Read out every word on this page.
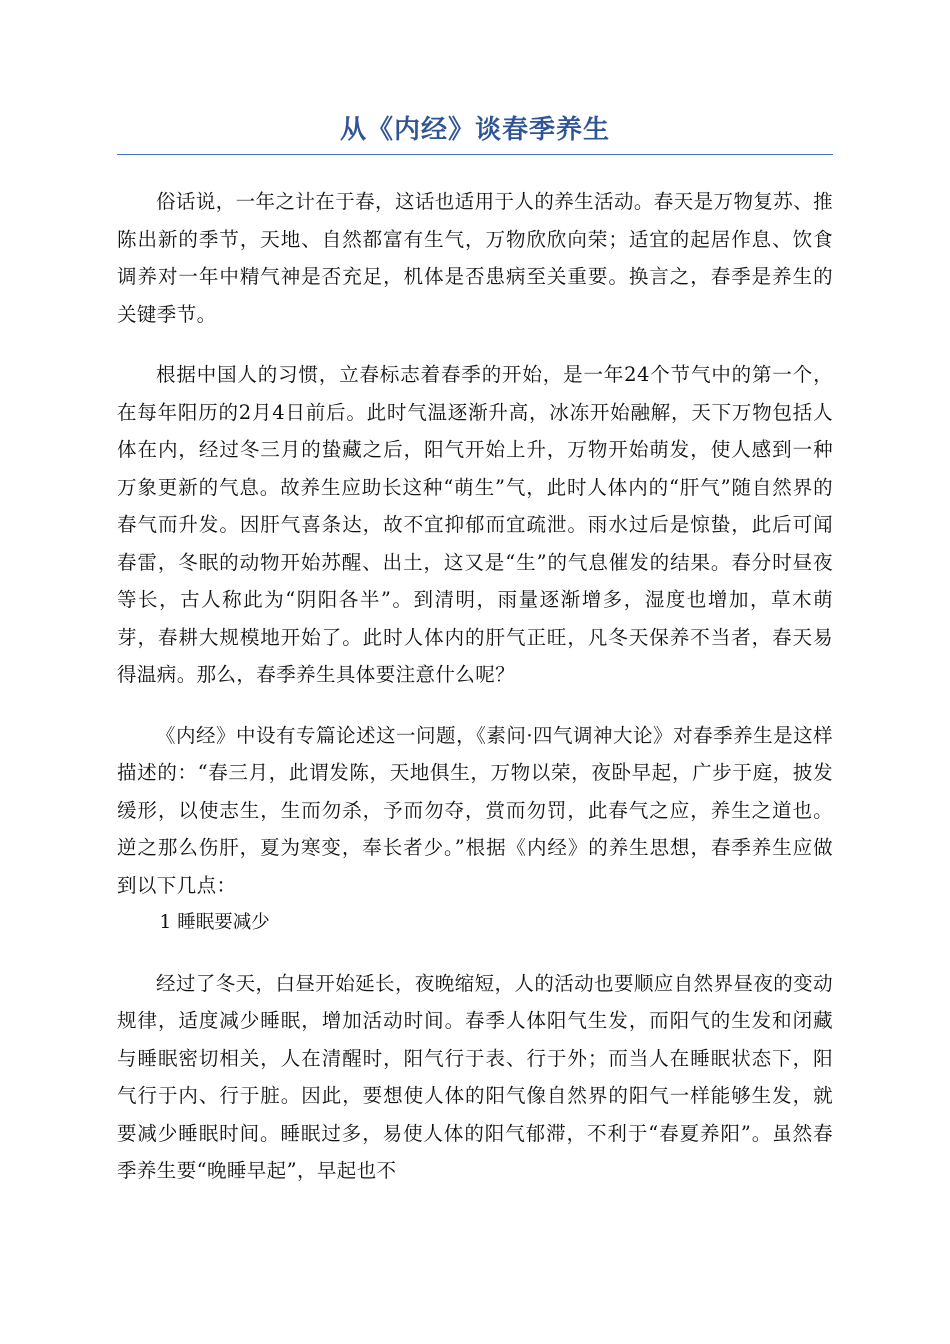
从《内经》谈春季养生

俗话说，一年之计在于春，这话也适用于人的养生活动。春天是万物复苏、推陈出新的季节，天地、自然都富有生气，万物欣欣向荣；适宜的起居作息、饮食调养对一年中精气神是否充足，机体是否患病至关重要。换言之，春季是养生的关键季节。

根据中国人的习惯，立春标志着春季的开始，是一年24个节气中的第一个，在每年阳历的2月4日前后。此时气温逐渐升高，冰冻开始融解，天下万物包括人体在内，经过冬三月的蛰藏之后，阳气开始上升，万物开始萌发，使人感到一种万象更新的气息。故养生应助长这种“萌生”气，此时人体内的“肝气”随自然界的春气而升发。因肝气喜条达，故不宜抑郁而宜疏泄。雨水过后是惊蛰，此后可闻春雷，冬眠的动物开始苏醒、出土，这又是“生”的气息催发的结果。春分时昼夜等长，古人称此为“阴阳各半”。到清明，雨量逐渐增多，湿度也增加，草木萌芽，春耕大规模地开始了。此时人体内的肝气正旺，凡冬天保养不当者，春天易得温病。那么，春季养生具体要注意什么呢？

《内经》中设有专篇论述这一问题，《素问·四气调神大论》对春季养生是这样描述的：“春三月，此谓发陈，天地俱生，万物以荣，夜卧早起，广步于庭，披发缓形，以使志生，生而勿杀，予而勿夺，赏而勿罚，此春气之应，养生之道也。逆之那么伤肝，夏为寒变，奉长者少。”根据《内经》的养生思想，春季养生应做到以下几点：

1 睡眠要减少

经过了冬天，白昼开始延长，夜晚缩短，人的活动也要顺应自然界昼夜的变动规律，适度减少睡眠，增加活动时间。春季人体阳气生发，而阳气的生发和闭藏与睡眠密切相关，人在清醒时，阳气行于表、行于外；而当人在睡眠状态下，阳气行于内、行于脏。因此，要想使人体的阳气像自然界的阳气一样能够生发，就要减少睡眠时间。睡眠过多，易使人体的阳气郁滞，不利于“春夏养阳”。虽然春季养生要“晚睡早起”，早起也不
